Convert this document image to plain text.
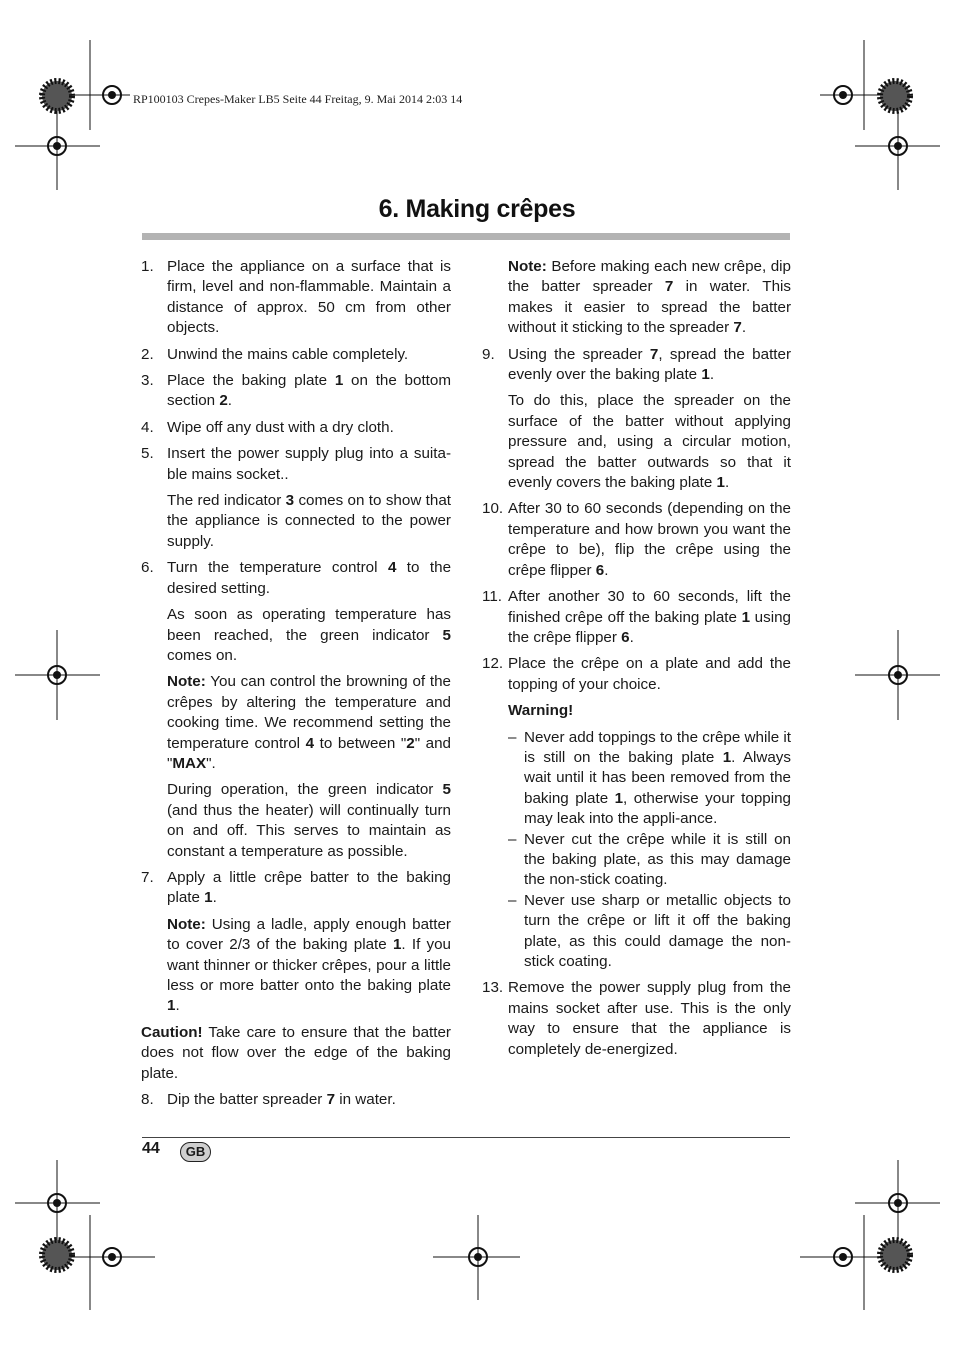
RP100103 Crepes-Maker LB5 Seite 44 Freitag, 9. Mai 2014 2:03 14
6. Making crêpes
1. Place the appliance on a surface that is firm, level and non-flammable. Maintain a distance of approx. 50 cm from other objects.
2. Unwind the mains cable completely.
3. Place the baking plate 1 on the bottom section 2.
4. Wipe off any dust with a dry cloth.
5. Insert the power supply plug into a suita-ble mains socket..
The red indicator 3 comes on to show that the appliance is connected to the power supply.
6. Turn the temperature control 4 to the desired setting.
As soon as operating temperature has been reached, the green indicator 5 comes on.
Note: You can control the browning of the crêpes by altering the temperature and cooking time. We recommend setting the temperature control 4 to between "2" and "MAX".
During operation, the green indicator 5 (and thus the heater) will continually turn on and off. This serves to maintain as constant a temperature as possible.
7. Apply a little crêpe batter to the baking plate 1.
Note: Using a ladle, apply enough batter to cover 2/3 of the baking plate 1. If you want thinner or thicker crêpes, pour a little less or more batter onto the baking plate 1.
Caution! Take care to ensure that the batter does not flow over the edge of the baking plate.
8. Dip the batter spreader 7 in water.
Note: Before making each new crêpe, dip the batter spreader 7 in water. This makes it easier to spread the batter without it sticking to the spreader 7.
9. Using the spreader 7, spread the batter evenly over the baking plate 1.
To do this, place the spreader on the surface of the batter without applying pressure and, using a circular motion, spread the batter outwards so that it evenly covers the baking plate 1.
10. After 30 to 60 seconds (depending on the temperature and how brown you want the crêpe to be), flip the crêpe using the crêpe flipper 6.
11. After another 30 to 60 seconds, lift the finished crêpe off the baking plate 1 using the crêpe flipper 6.
12. Place the crêpe on a plate and add the topping of your choice.
Warning!
– Never add toppings to the crêpe while it is still on the baking plate 1. Always wait until it has been removed from the baking plate 1, otherwise your topping may leak into the appli-ance.
– Never cut the crêpe while it is still on the baking plate, as this may damage the non-stick coating.
– Never use sharp or metallic objects to turn the crêpe or lift it off the baking plate, as this could damage the non-stick coating.
13. Remove the power supply plug from the mains socket after use. This is the only way to ensure that the appliance is completely de-energized.
44	GB
